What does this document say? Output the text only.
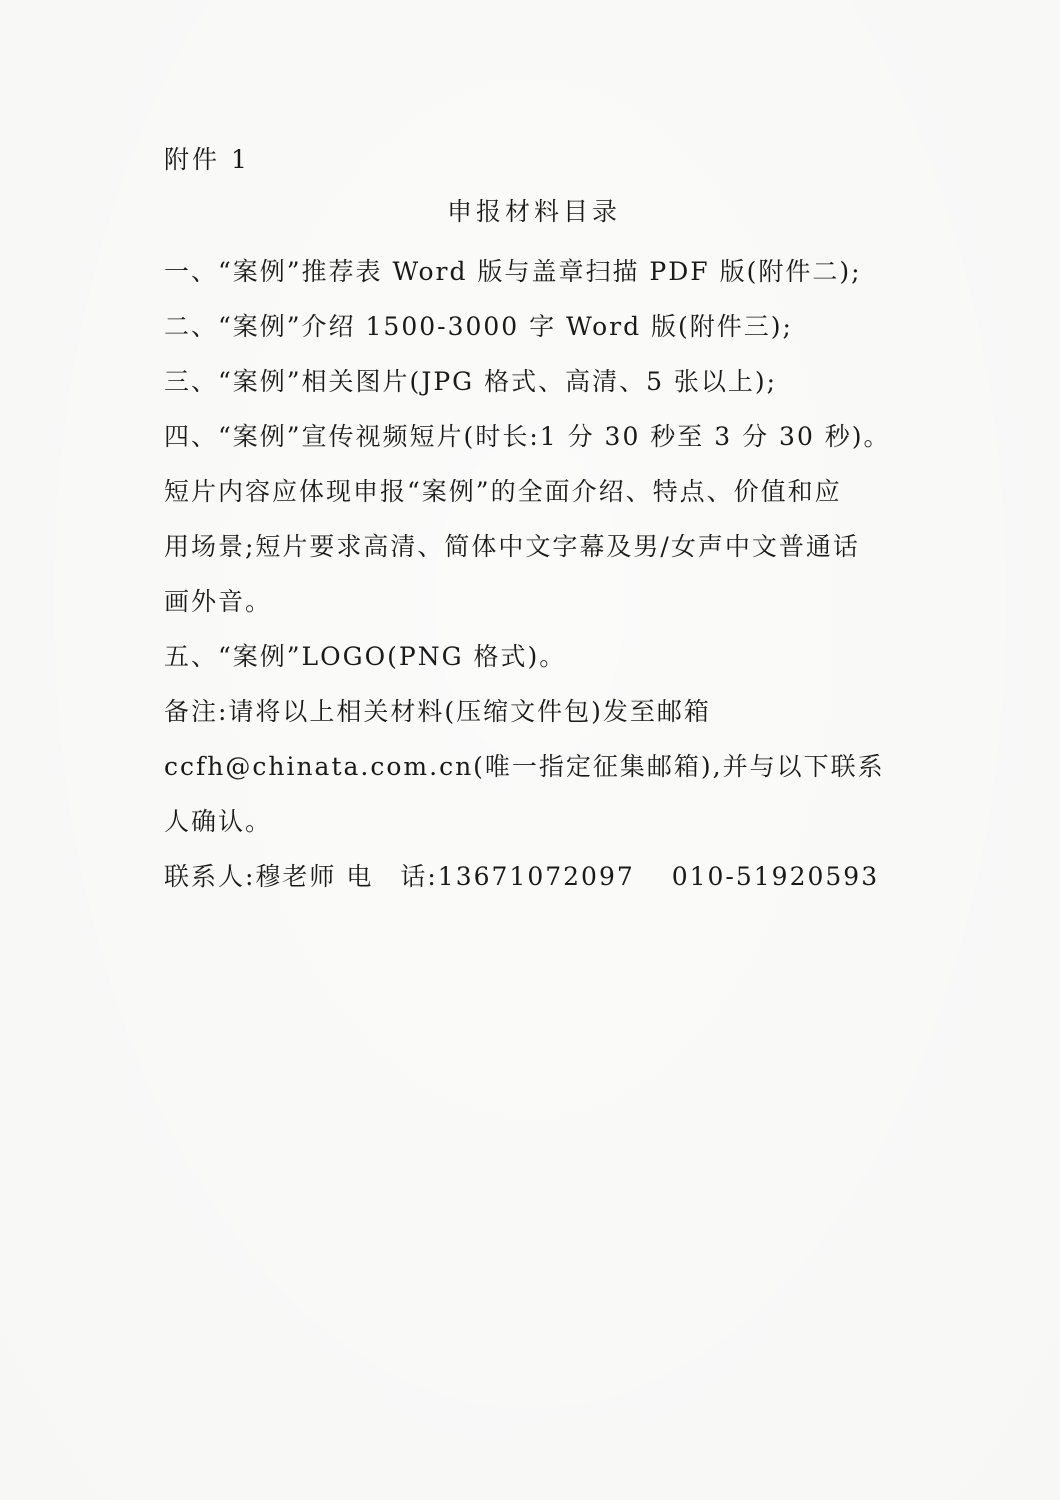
附件 1
申报材料目录

一、“案例”推荐表 Word 版与盖章扫描 PDF 版(附件二);

二、“案例”介绍 1500-3000 字 Word 版(附件三);

三、“案例”相关图片(JPG 格式、高清、5 张以上);

四、“案例”宣传视频短片(时长:1 分 30 秒至 3 分 30 秒)。

短片内容应体现申报“案例”的全面介绍、特点、价值和应

用场景;短片要求高清、简体中文字幕及男/女声中文普通话

画外音。

五、“案例”LOGO(PNG 格式)。

备注:请将以上相关材料(压缩文件包)发至邮箱

ccfh@chinata.com.cn(唯一指定征集邮箱),并与以下联系

人确认。

联系人:穆老师 电　话:13671072097　 010-51920593
